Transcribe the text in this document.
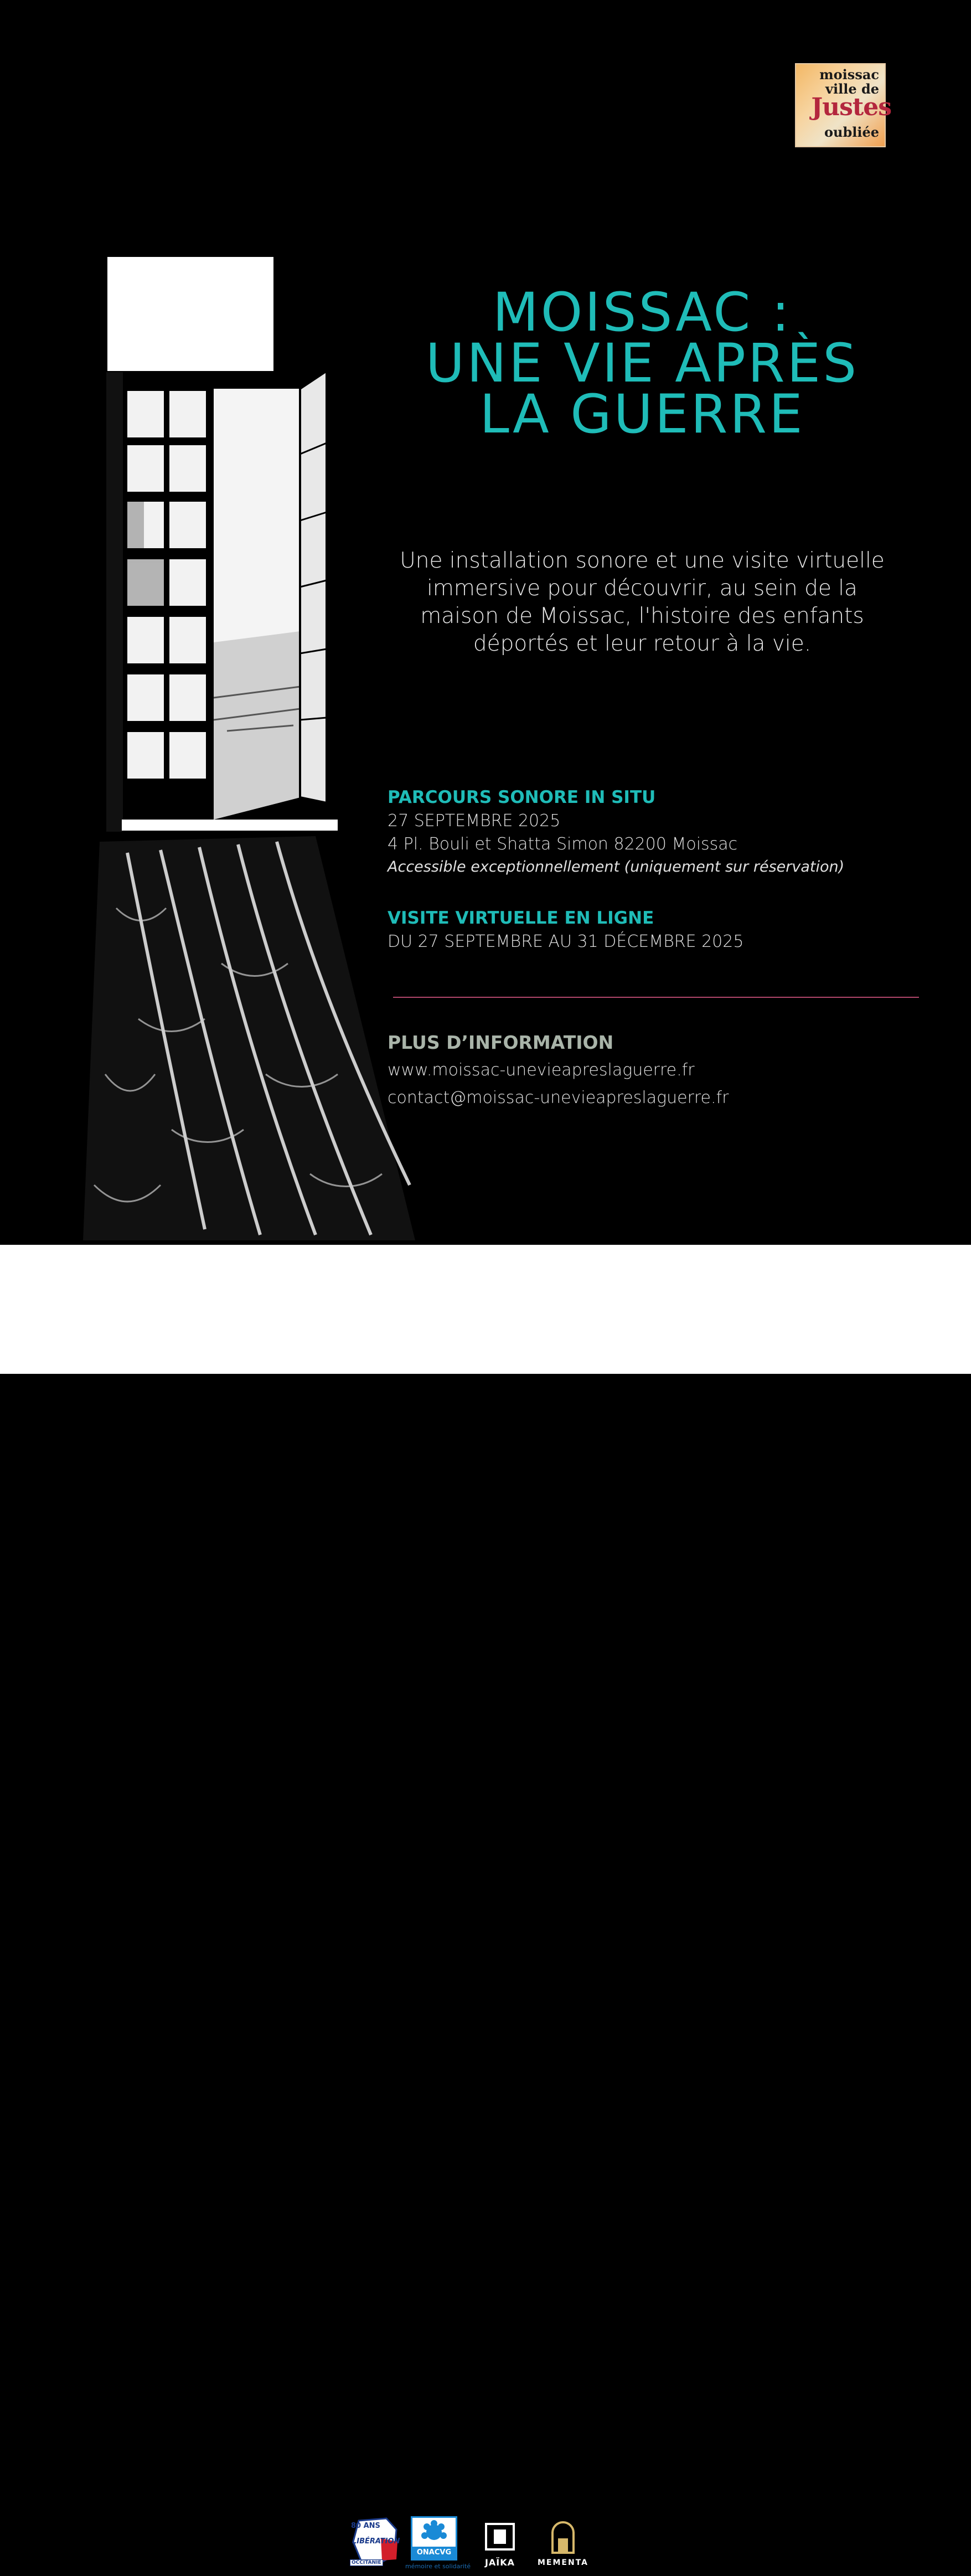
moissac
ville de
Justes
oubliée
MOISSAC :
UNE VIE APRÈS
LA GUERRE
Une installation sonore et une visite virtuelle
immersive pour découvrir, au sein de la
maison de Moissac, l'histoire des enfants
déportés et leur retour à la vie.
PARCOURS SONORE IN SITU
27 SEPTEMBRE 2025
4 Pl. Bouli et Shatta Simon 82200 Moissac
Accessible exceptionnellement (uniquement sur réservation)
VISITE VIRTUELLE EN LIGNE
DU 27 SEPTEMBRE AU 31 DÉCEMBRE 2025
PLUS D’INFORMATION
www.moissac-unevieapreslaguerre.fr
contact@moissac-unevieapreslaguerre.fr
80 ANS
LIBÉRATION
OCCITANIE
ONACVG
mémoire et solidarité	JAÏKA	MEMENTA
